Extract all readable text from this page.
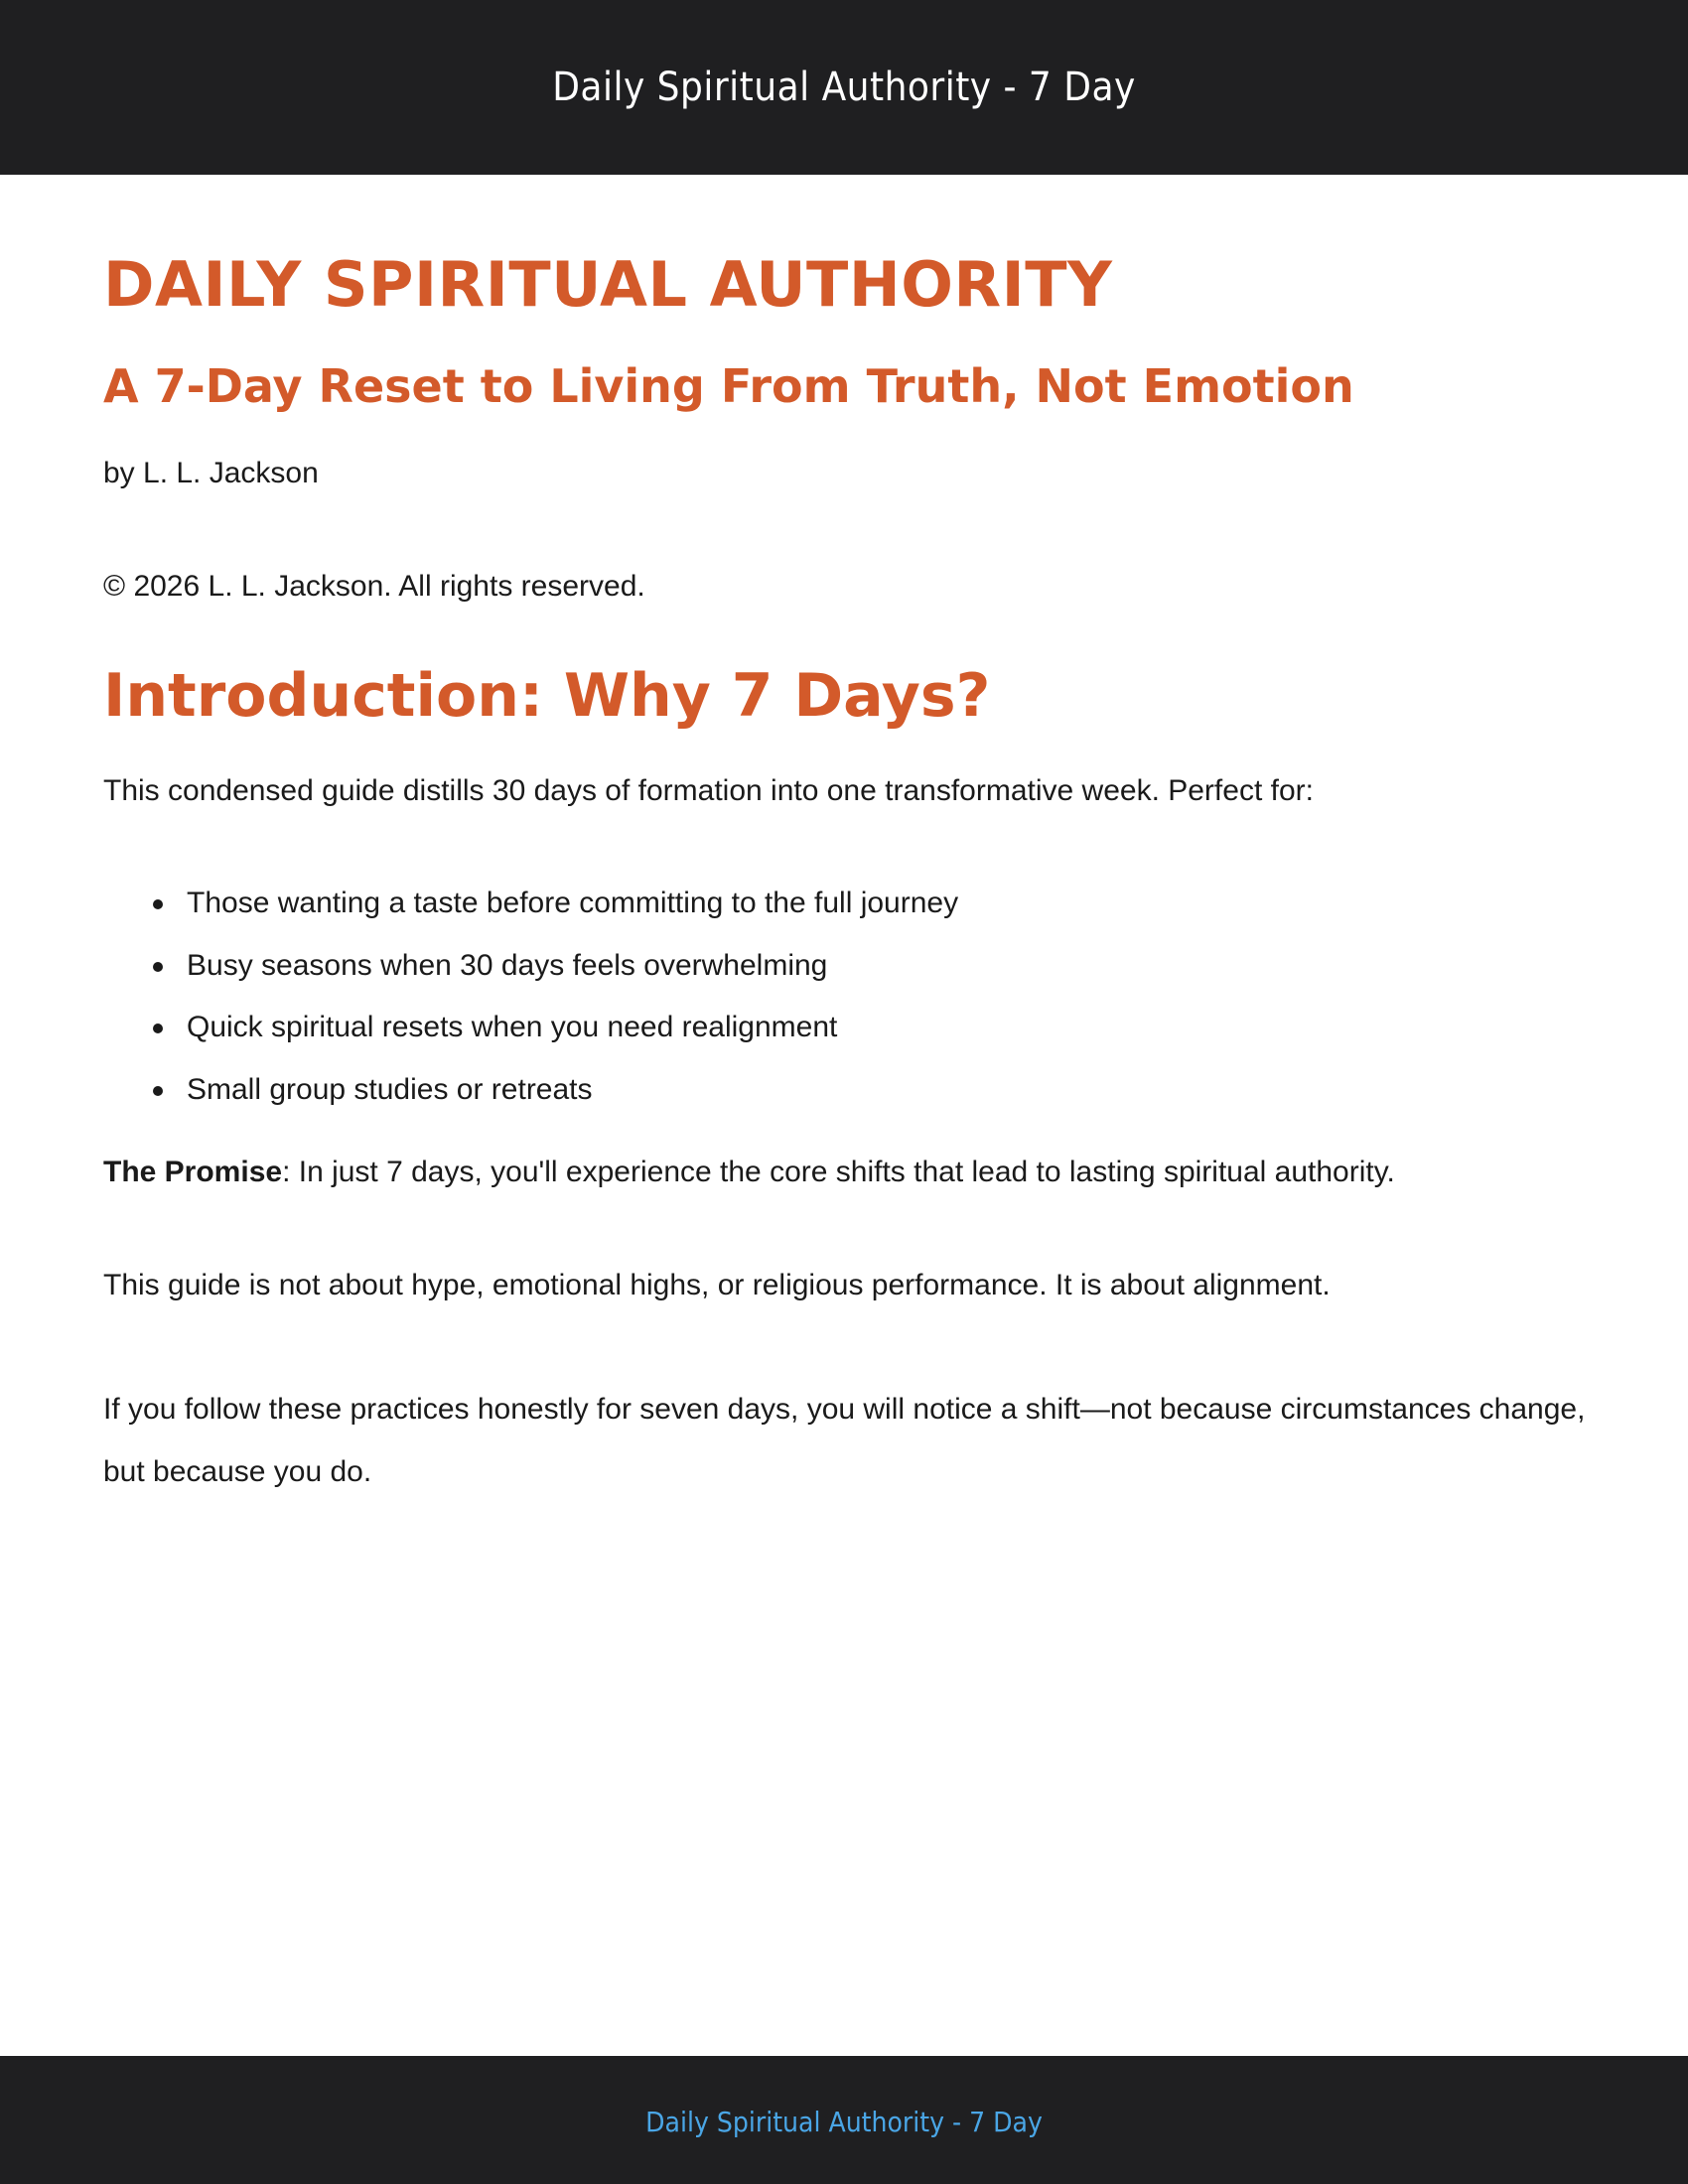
Daily Spiritual Authority - 7 Day
DAILY SPIRITUAL AUTHORITY
A 7-Day Reset to Living From Truth, Not Emotion
by L. L. Jackson
© 2026 L. L. Jackson. All rights reserved.
Introduction: Why 7 Days?
This condensed guide distills 30 days of formation into one transformative week. Perfect for:
Those wanting a taste before committing to the full journey
Busy seasons when 30 days feels overwhelming
Quick spiritual resets when you need realignment
Small group studies or retreats
The Promise: In just 7 days, you'll experience the core shifts that lead to lasting spiritual authority.
This guide is not about hype, emotional highs, or religious performance. It is about alignment.
If you follow these practices honestly for seven days, you will notice a shift—not because circumstances change, but because you do.
Daily Spiritual Authority - 7 Day
